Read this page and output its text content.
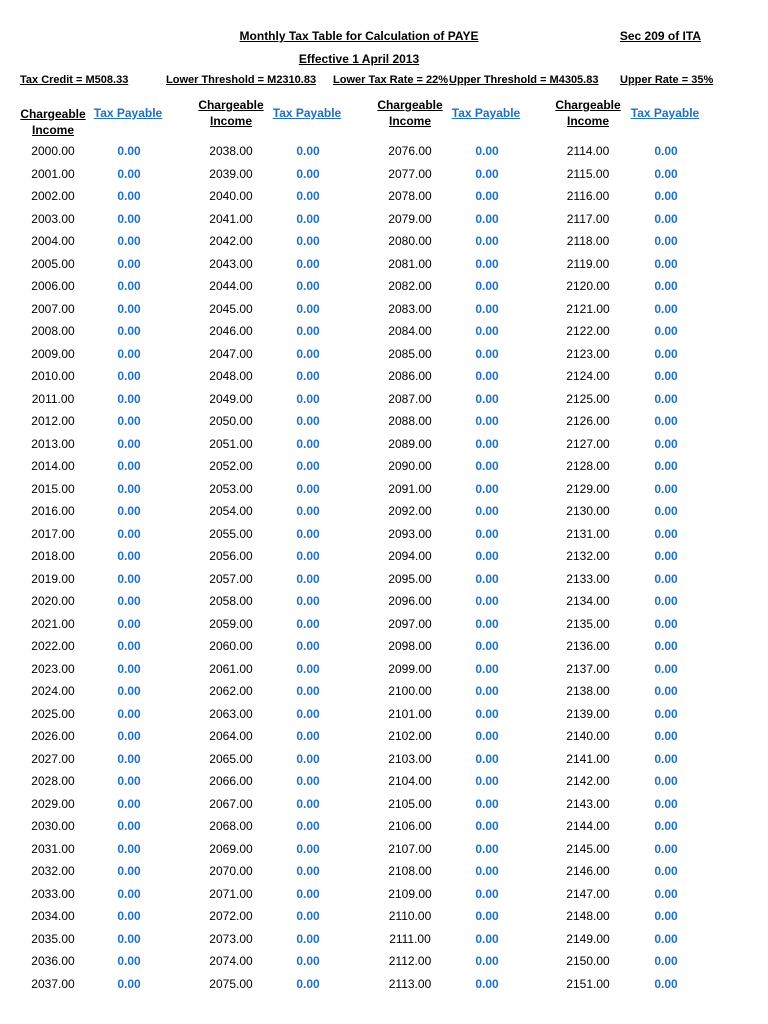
Monthly Tax Table for Calculation of PAYE	Sec 209 of ITA
Effective 1 April 2013
Tax Credit = M508.33	Lower Threshold = M2310.83 Lower Tax Rate = 22% Upper Threshold = M4305.83 Upper Rate = 35%
Chargeable
Income
Tax Payable
Chargeable
Income
Tax Payable
Chargeable
Income
Tax Payable
Chargeable
Income
Tax Payable
2000.00
2001.00
2002.00
2003.00
2004.00
2005.00
2006.00
2007.00
2008.00
2009.00
2010.00
2011.00
2012.00
2013.00
2014.00
2015.00
2016.00
2017.00
2018.00
2019.00
2020.00
2021.00
2022.00
2023.00
2024.00
2025.00
2026.00
2027.00
2028.00
2029.00
2030.00
2031.00
2032.00
2033.00
2034.00
2035.00
2036.00
2037.00
0.00
0.00
0.00
0.00
0.00
0.00
0.00
0.00
0.00
0.00
0.00
0.00
0.00
0.00
0.00
0.00
0.00
0.00
0.00
0.00
0.00
0.00
0.00
0.00
0.00
0.00
0.00
0.00
0.00
0.00
0.00
0.00
0.00
0.00
0.00
0.00
0.00
0.00
2038.00
2039.00
2040.00
2041.00
2042.00
2043.00
2044.00
2045.00
2046.00
2047.00
2048.00
2049.00
2050.00
2051.00
2052.00
2053.00
2054.00
2055.00
2056.00
2057.00
2058.00
2059.00
2060.00
2061.00
2062.00
2063.00
2064.00
2065.00
2066.00
2067.00
2068.00
2069.00
2070.00
2071.00
2072.00
2073.00
2074.00
2075.00
0.00
0.00
0.00
0.00
0.00
0.00
0.00
0.00
0.00
0.00
0.00
0.00
0.00
0.00
0.00
0.00
0.00
0.00
0.00
0.00
0.00
0.00
0.00
0.00
0.00
0.00
0.00
0.00
0.00
0.00
0.00
0.00
0.00
0.00
0.00
0.00
0.00
0.00
2076.00
2077.00
2078.00
2079.00
2080.00
2081.00
2082.00
2083.00
2084.00
2085.00
2086.00
2087.00
2088.00
2089.00
2090.00
2091.00
2092.00
2093.00
2094.00
2095.00
2096.00
2097.00
2098.00
2099.00
2100.00
2101.00
2102.00
2103.00
2104.00
2105.00
2106.00
2107.00
2108.00
2109.00
2110.00
2111.00
2112.00
2113.00
0.00
0.00
0.00
0.00
0.00
0.00
0.00
0.00
0.00
0.00
0.00
0.00
0.00
0.00
0.00
0.00
0.00
0.00
0.00
0.00
0.00
0.00
0.00
0.00
0.00
0.00
0.00
0.00
0.00
0.00
0.00
0.00
0.00
0.00
0.00
0.00
0.00
0.00
2114.00
2115.00
2116.00
2117.00
2118.00
2119.00
2120.00
2121.00
2122.00
2123.00
2124.00
2125.00
2126.00
2127.00
2128.00
2129.00
2130.00
2131.00
2132.00
2133.00
2134.00
2135.00
2136.00
2137.00
2138.00
2139.00
2140.00
2141.00
2142.00
2143.00
2144.00
2145.00
2146.00
2147.00
2148.00
2149.00
2150.00
2151.00
0.00
0.00
0.00
0.00
0.00
0.00
0.00
0.00
0.00
0.00
0.00
0.00
0.00
0.00
0.00
0.00
0.00
0.00
0.00
0.00
0.00
0.00
0.00
0.00
0.00
0.00
0.00
0.00
0.00
0.00
0.00
0.00
0.00
0.00
0.00
0.00
0.00
0.00
